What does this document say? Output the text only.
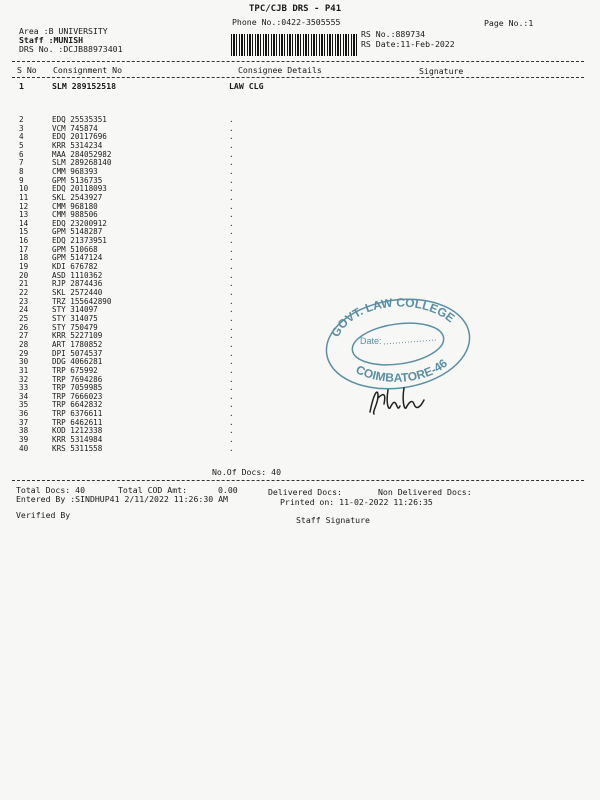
TPC/CJB DRS - P41
Phone No.:0422-3505555	Page No.:1
Area :B UNIVERSITY
Staff :MUNISH
DRS No. :DCJB88973401
RS No.:889734
RS Date:11-Feb-2022
S No Consignment No	Consignee Details	Signature
1	SLM 289152518	LAW CLG
2	EDQ 25535351	.
3	VCM 745874	.
4	EDQ 20117696	.
5	KRR 5314234	.
6	MAA 284052982	.
7	SLM 289268140	.
8	CMM 968393	.
9	GPM 5136735	.
10	EDQ 20118093	.
11	SKL 2543927	.
12	CMM 968180	.
13	CMM 988506	.
14	EDQ 23200912	.
15	GPM 5148287	.
16	EDQ 21373951	.
17	GPM 510668	.
18	GPM 5147124	.
19	KDI 676782	.
20	ASD 1110362	.
21	RJP 2874436	.
22	SKL 2572440	.
23	TRZ 155642890	.
24	STY 314097	.
25	STY 314075	.
26	STY 750479	.
27	KRR 5227109	.
28	ART 1780852	.
29	DPI 5074537	.
30	DDG 4066281	.
31	TRP 675992	.
32	TRP 7694286	.
33	TRP 7059985	.
34	TRP 7666023	.
35	TRP 6642832	.
36	TRP 6376611	.
37	TRP 6462611	.
38	KOD 1212338	.
39	KRR 5314984	.
40	KRS 5311558	.
GOVT. LAW COLLEGE
COIMBATORE-46
Date:
No.Of Docs: 40
Total Docs: 40	Total COD Amt:	0.00	Delivered Docs:	Non Delivered Docs:
Entered By :SINDHUP41 2/11/2022 11:26:30 AM	Printed on: 11-02-2022 11:26:35
Verified By	Staff Signature
